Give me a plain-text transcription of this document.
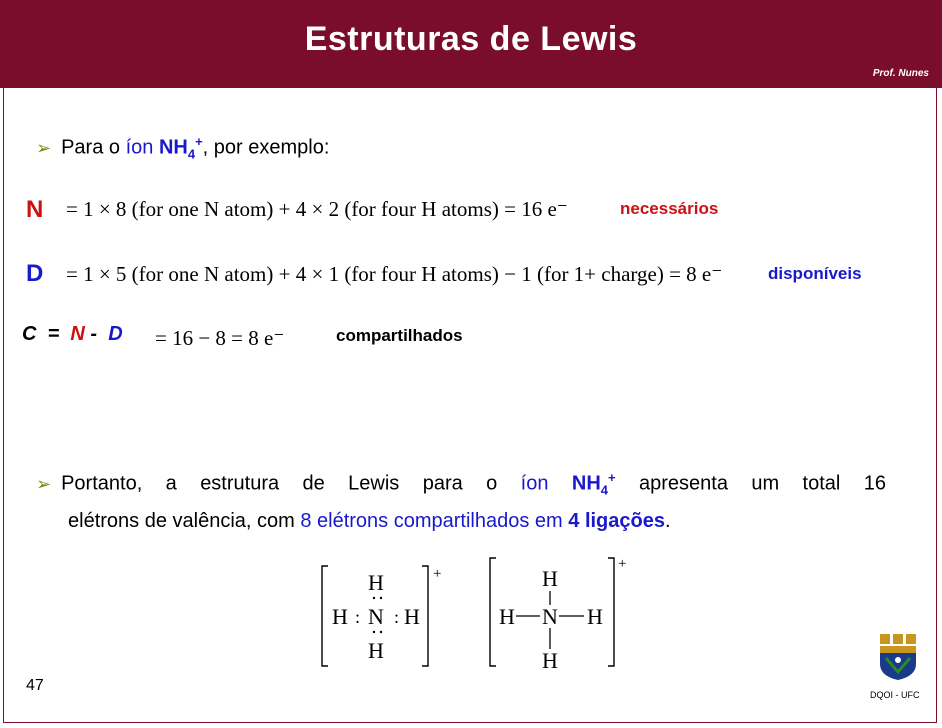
Estruturas de Lewis
Prof. Nunes
➢ Para o íon $NH_4^+$, por exemplo:
N = 1 × 8 (for one N atom) + 4 × 2 (for four H atoms) = 16 e⁻	necessários
D = 1 × 5 (for one N atom) + 4 × 1 (for four H atoms) − 1 (for 1+ charge) = 8 e⁻	disponíveis
C = N - D = 16 − 8 = 8 e⁻	compartilhados
➢ Portanto, a estrutura de Lewis para o íon $NH_4^+$ apresenta um total 16
elétrons de valência, com 8 elétrons compartilhados em 4 ligações.
+
H
N
H
H	H
: :
+
H
N
H
H	H
47
DQOI - UFC
